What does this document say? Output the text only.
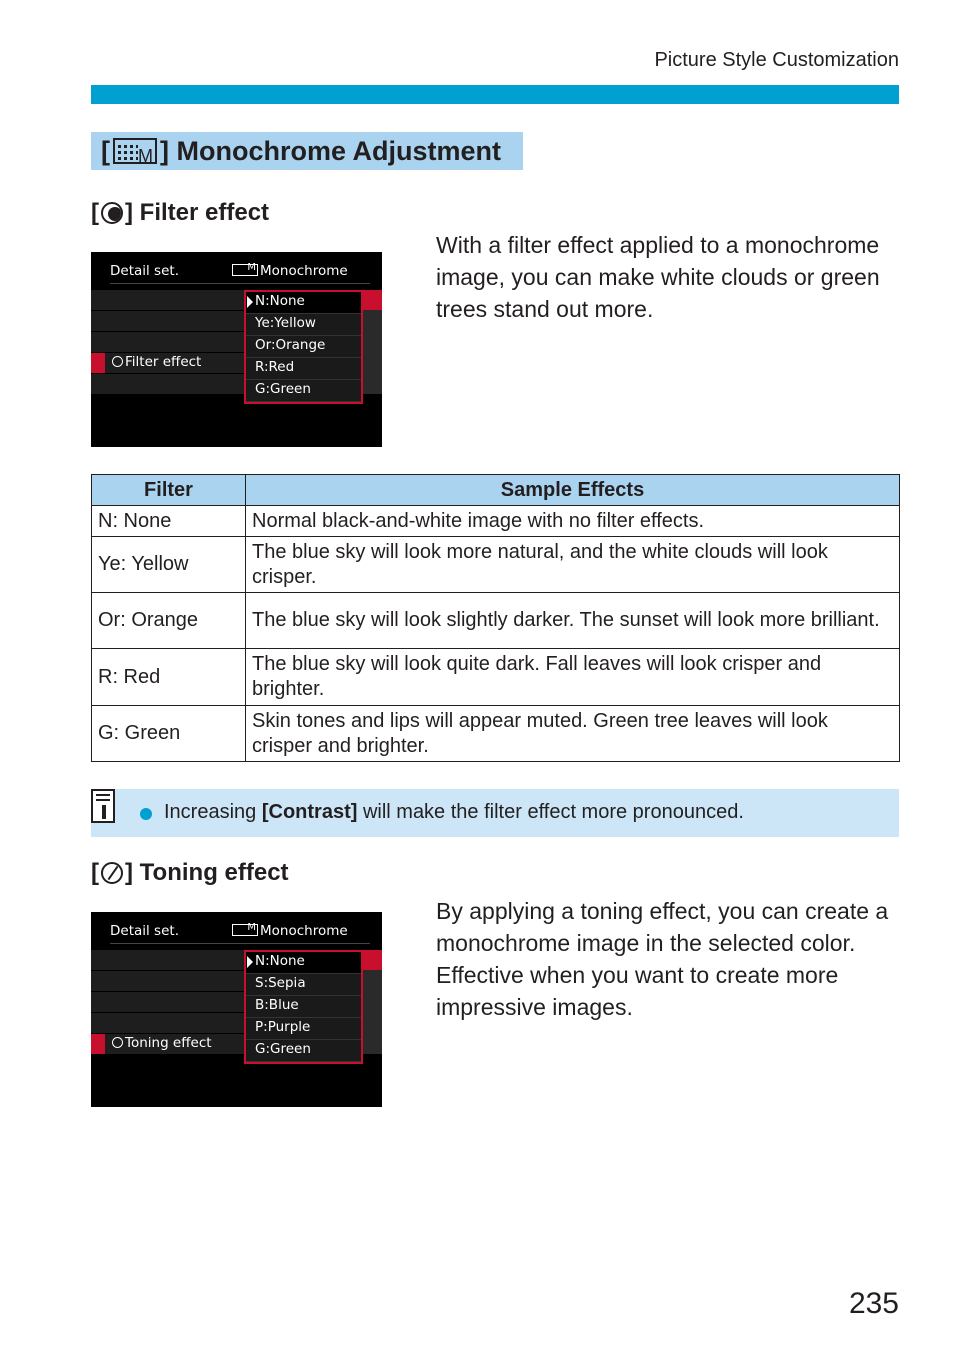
Picture Style Customization
[ M ] Monochrome Adjustment
[ ] Filter effect
Detail set. M	Monochrome
Filter effect
N:None
Ye:Yellow
Or:Orange
R:Red
G:Green
With a filter effect applied to a monochrome image, you can make white clouds or green trees stand out more.
Filter	Sample Effects
N: None	Normal black-and-white image with no filter effects.
Ye: Yellow	The blue sky will look more natural, and the white clouds will look crisper.
Or: Orange	The blue sky will look slightly darker. The sunset will look more brilliant.
R: Red	The blue sky will look quite dark. Fall leaves will look crisper and brighter.
G: Green	Skin tones and lips will appear muted. Green tree leaves will look crisper and brighter.
Increasing [Contrast] will make the filter effect more pronounced.
[ ] Toning effect
Detail set. M	Monochrome
Toning effect
N:None
S:Sepia
B:Blue
P:Purple
G:Green
By applying a toning effect, you can create a monochrome image in the selected color. Effective when you want to create more impressive images.
235
